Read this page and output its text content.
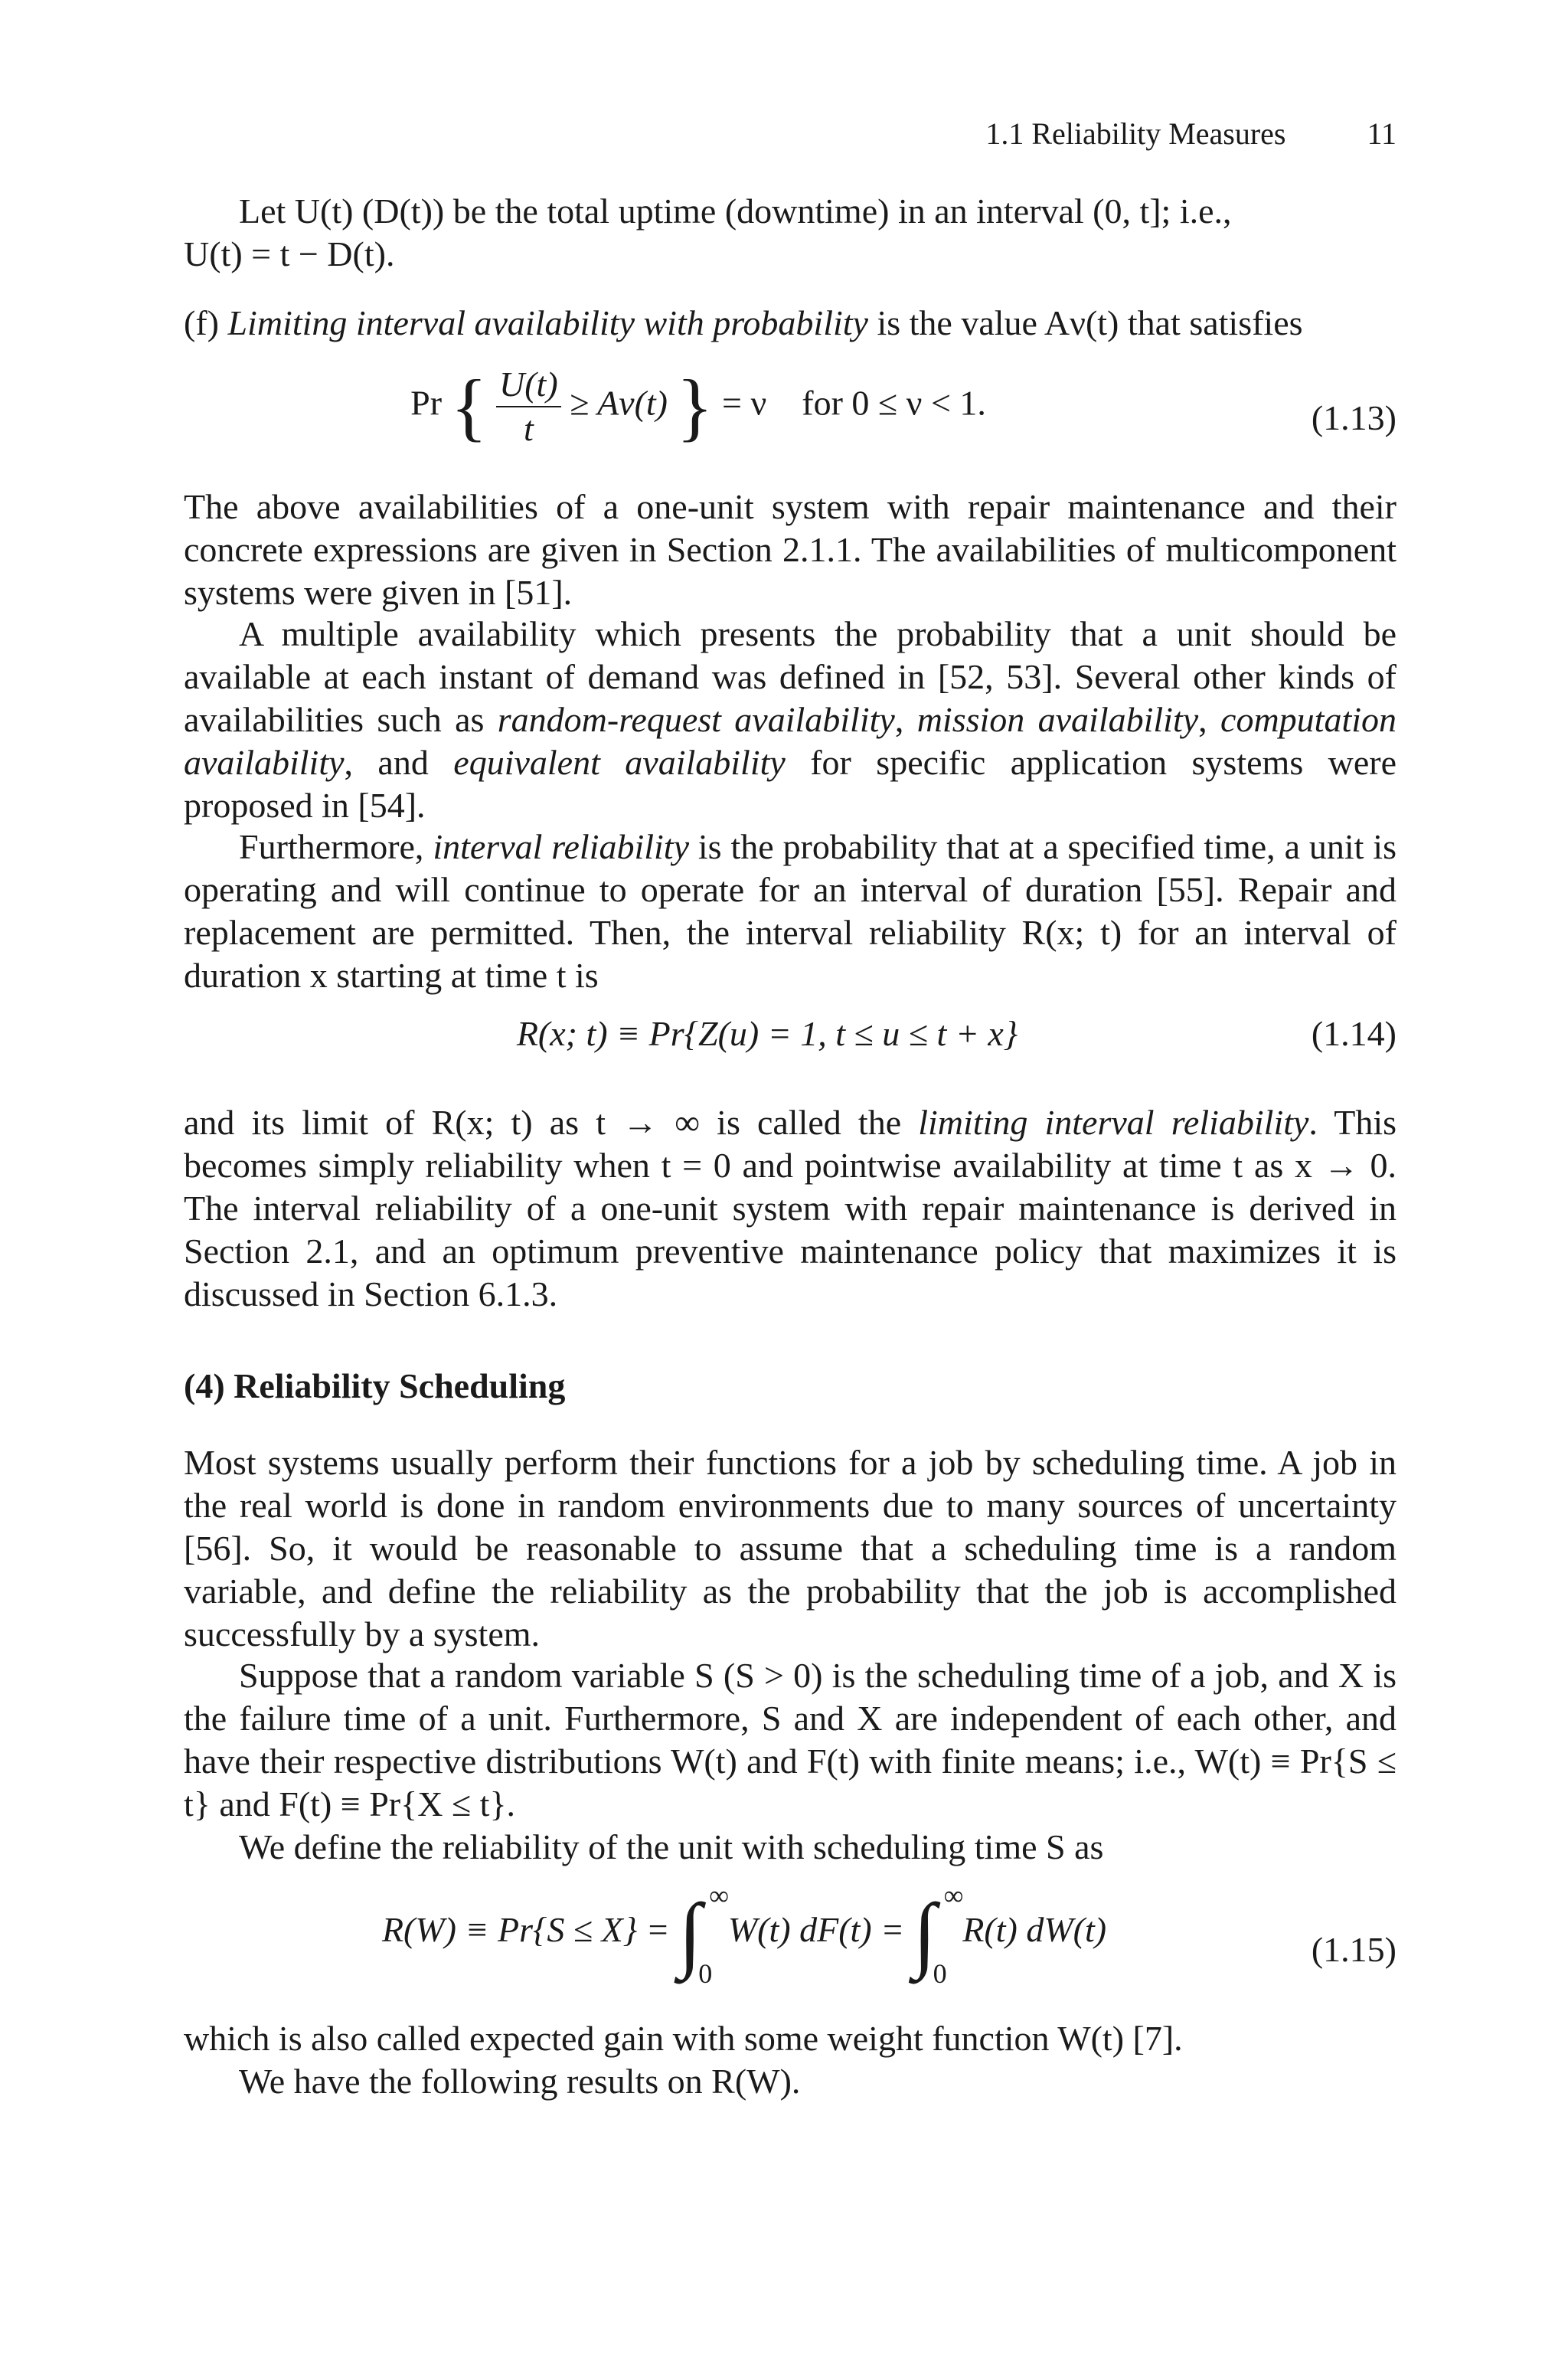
1.1 Reliability Measures	11

Let U(t) (D(t)) be the total uptime (downtime) in an interval (0, t]; i.e.,

U(t) = t − D(t).

(f) Limiting interval availability with probability is the value Aν(t) that satisfies

Pr { $\frac{U(t)}{t} \ge A\nu(t)$ } = ν for 0 ≤ ν < 1.	(1.13)

The above availabilities of a one-unit system with repair maintenance and their concrete expressions are given in Section 2.1.1. The availabilities of multicomponent systems were given in [51].

A multiple availability which presents the probability that a unit should be available at each instant of demand was defined in [52, 53]. Several other kinds of availabilities such as random-request availability, mission availability, computation availability, and equivalent availability for specific application systems were proposed in [54].

Furthermore, interval reliability is the probability that at a specified time, a unit is operating and will continue to operate for an interval of duration [55]. Repair and replacement are permitted. Then, the interval reliability R(x; t) for an interval of duration x starting at time t is

R(x; t) ≡ Pr{Z(u) = 1, t ≤ u ≤ t + x}	(1.14)

and its limit of R(x; t) as t → ∞ is called the limiting interval reliability. This becomes simply reliability when t = 0 and pointwise availability at time t as x → 0. The interval reliability of a one-unit system with repair maintenance is derived in Section 2.1, and an optimum preventive maintenance policy that maximizes it is discussed in Section 6.1.3.

(4) Reliability Scheduling

Most systems usually perform their functions for a job by scheduling time. A job in the real world is done in random environments due to many sources of uncertainty [56]. So, it would be reasonable to assume that a scheduling time is a random variable, and define the reliability as the probability that the job is accomplished successfully by a system.

Suppose that a random variable S (S > 0) is the scheduling time of a job, and X is the failure time of a unit. Furthermore, S and X are independent of each other, and have their respective distributions W(t) and F(t) with finite means; i.e., W(t) ≡ Pr{S ≤ t} and F(t) ≡ Pr{X ≤ t}.

We define the reliability of the unit with scheduling time S as

R(W) ≡ Pr{S ≤ X} = ∫ ∞
0
W(t) dF(t) = ∫ ∞
0
R(t) dW(t)
(1.15)

which is also called expected gain with some weight function W(t) [7].

We have the following results on R(W).
